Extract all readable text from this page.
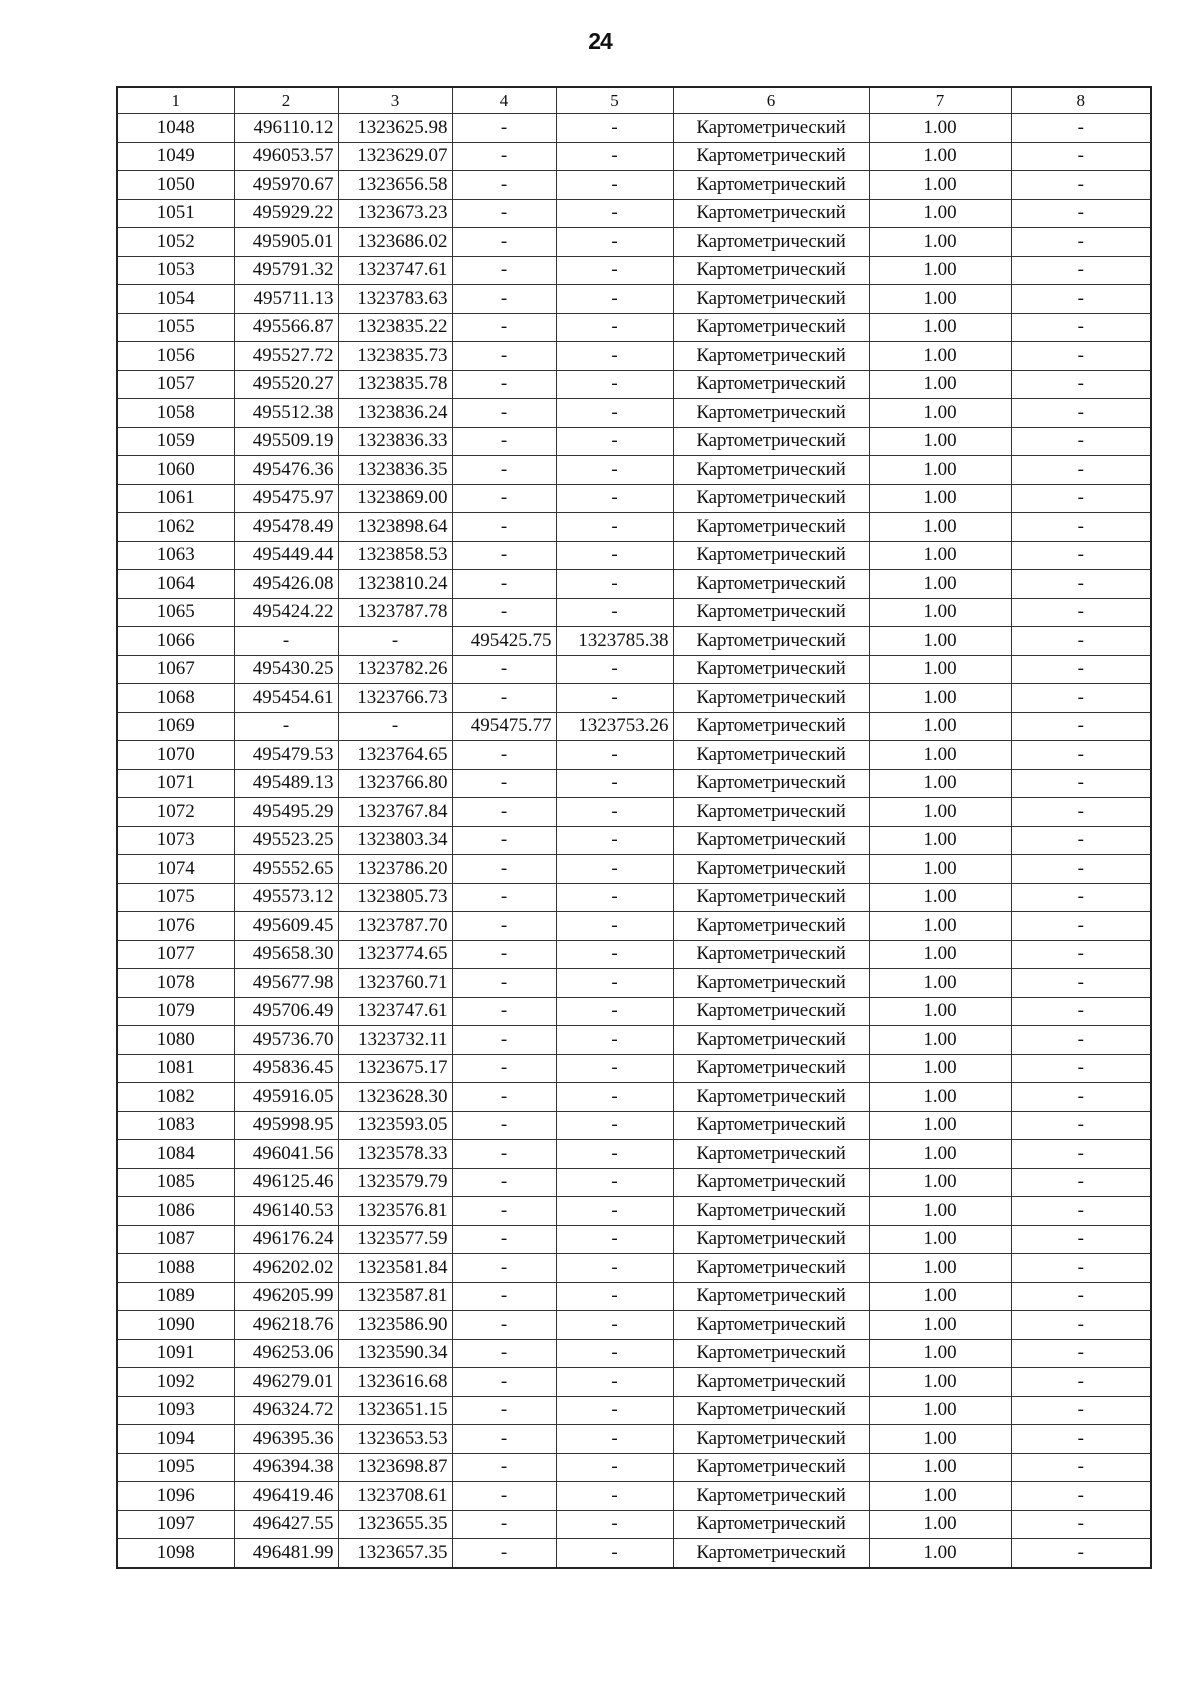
24
1	2	3	4	5	6	7	8
1048	496110.12	1323625.98	-	-	Картометрический	1.00	-
1049	496053.57	1323629.07	-	-	Картометрический	1.00	-
1050	495970.67	1323656.58	-	-	Картометрический	1.00	-
1051	495929.22	1323673.23	-	-	Картометрический	1.00	-
1052	495905.01	1323686.02	-	-	Картометрический	1.00	-
1053	495791.32	1323747.61	-	-	Картометрический	1.00	-
1054	495711.13	1323783.63	-	-	Картометрический	1.00	-
1055	495566.87	1323835.22	-	-	Картометрический	1.00	-
1056	495527.72	1323835.73	-	-	Картометрический	1.00	-
1057	495520.27	1323835.78	-	-	Картометрический	1.00	-
1058	495512.38	1323836.24	-	-	Картометрический	1.00	-
1059	495509.19	1323836.33	-	-	Картометрический	1.00	-
1060	495476.36	1323836.35	-	-	Картометрический	1.00	-
1061	495475.97	1323869.00	-	-	Картометрический	1.00	-
1062	495478.49	1323898.64	-	-	Картометрический	1.00	-
1063	495449.44	1323858.53	-	-	Картометрический	1.00	-
1064	495426.08	1323810.24	-	-	Картометрический	1.00	-
1065	495424.22	1323787.78	-	-	Картометрический	1.00	-
1066	-	-	495425.75	1323785.38	Картометрический	1.00	-
1067	495430.25	1323782.26	-	-	Картометрический	1.00	-
1068	495454.61	1323766.73	-	-	Картометрический	1.00	-
1069	-	-	495475.77	1323753.26	Картометрический	1.00	-
1070	495479.53	1323764.65	-	-	Картометрический	1.00	-
1071	495489.13	1323766.80	-	-	Картометрический	1.00	-
1072	495495.29	1323767.84	-	-	Картометрический	1.00	-
1073	495523.25	1323803.34	-	-	Картометрический	1.00	-
1074	495552.65	1323786.20	-	-	Картометрический	1.00	-
1075	495573.12	1323805.73	-	-	Картометрический	1.00	-
1076	495609.45	1323787.70	-	-	Картометрический	1.00	-
1077	495658.30	1323774.65	-	-	Картометрический	1.00	-
1078	495677.98	1323760.71	-	-	Картометрический	1.00	-
1079	495706.49	1323747.61	-	-	Картометрический	1.00	-
1080	495736.70	1323732.11	-	-	Картометрический	1.00	-
1081	495836.45	1323675.17	-	-	Картометрический	1.00	-
1082	495916.05	1323628.30	-	-	Картометрический	1.00	-
1083	495998.95	1323593.05	-	-	Картометрический	1.00	-
1084	496041.56	1323578.33	-	-	Картометрический	1.00	-
1085	496125.46	1323579.79	-	-	Картометрический	1.00	-
1086	496140.53	1323576.81	-	-	Картометрический	1.00	-
1087	496176.24	1323577.59	-	-	Картометрический	1.00	-
1088	496202.02	1323581.84	-	-	Картометрический	1.00	-
1089	496205.99	1323587.81	-	-	Картометрический	1.00	-
1090	496218.76	1323586.90	-	-	Картометрический	1.00	-
1091	496253.06	1323590.34	-	-	Картометрический	1.00	-
1092	496279.01	1323616.68	-	-	Картометрический	1.00	-
1093	496324.72	1323651.15	-	-	Картометрический	1.00	-
1094	496395.36	1323653.53	-	-	Картометрический	1.00	-
1095	496394.38	1323698.87	-	-	Картометрический	1.00	-
1096	496419.46	1323708.61	-	-	Картометрический	1.00	-
1097	496427.55	1323655.35	-	-	Картометрический	1.00	-
1098	496481.99	1323657.35	-	-	Картометрический	1.00	-
